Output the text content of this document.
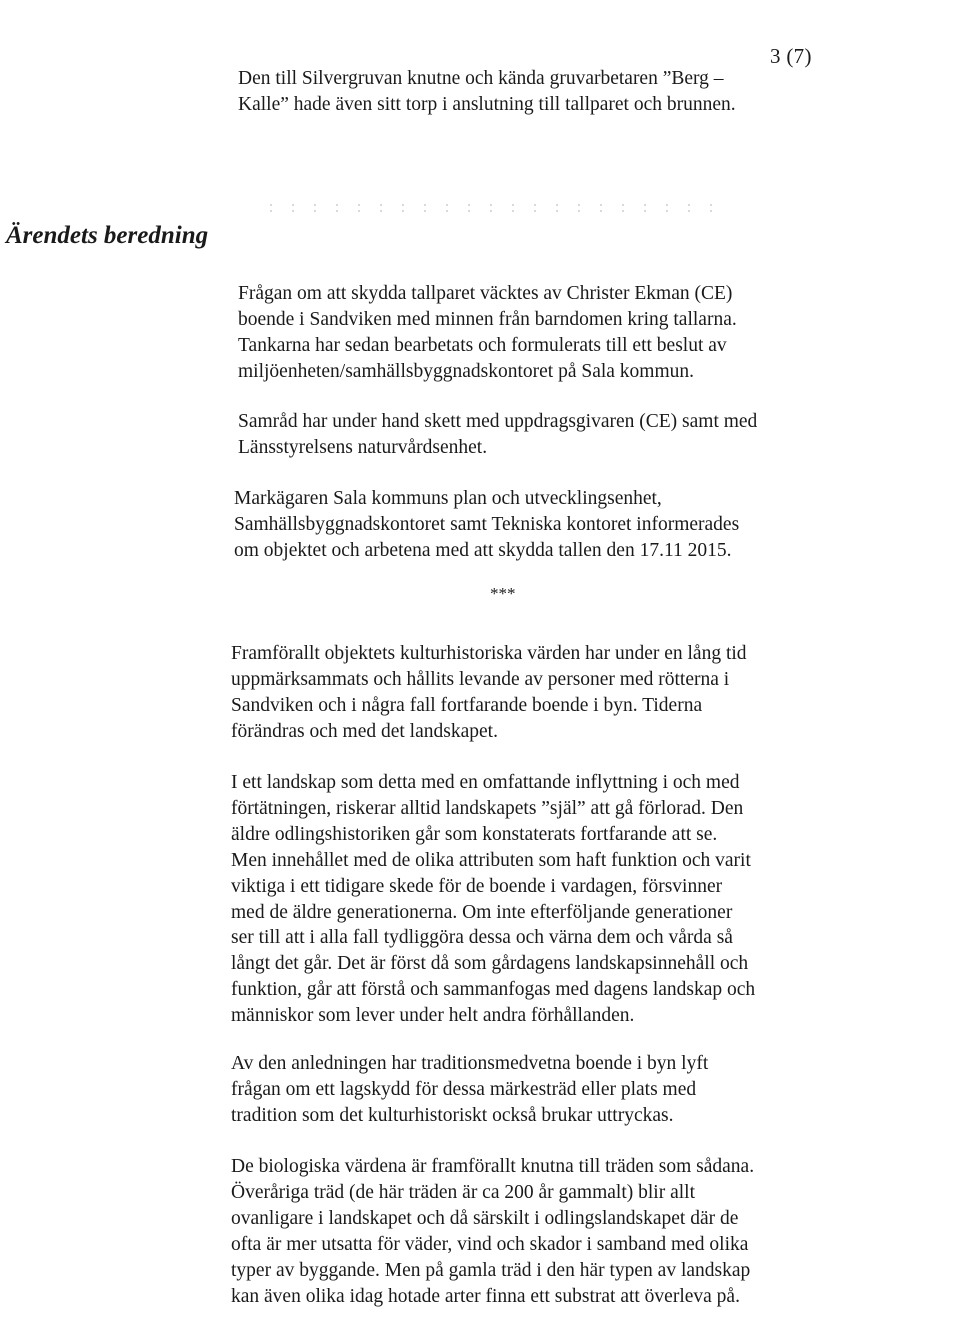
3 (7)

Den till Silvergruvan knutne och kända gruvarbetaren ”Berg –
Kalle” hade även sitt torp i anslutning till tallparet och brunnen.

Ärendets beredning

Frågan om att skydda tallparet väcktes av Christer Ekman (CE)
boende i Sandviken med minnen från barndomen kring tallarna.
Tankarna har sedan bearbetats och formulerats till ett beslut av
miljöenheten/samhällsbyggnadskontoret på Sala kommun.

Samråd har under hand skett med uppdragsgivaren (CE) samt med
Länsstyrelsens naturvårdsenhet.

Markägaren Sala kommuns plan och utvecklingsenhet,
Samhällsbyggnadskontoret samt Tekniska kontoret informerades
om objektet och arbetena med att skydda tallen den 17.11 2015.

***

Framförallt objektets kulturhistoriska värden har under en lång tid
uppmärksammats och hållits levande av personer med rötterna i
Sandviken och i några fall fortfarande boende i byn. Tiderna
förändras och med det landskapet.

I ett landskap som detta med en omfattande inflyttning i och med
förtätningen, riskerar alltid landskapets ”själ” att gå förlorad. Den
äldre odlingshistoriken går som konstaterats fortfarande att se.
Men innehållet med de olika attributen som haft funktion och varit
viktiga i ett tidigare skede för de boende i vardagen, försvinner
med de äldre generationerna. Om inte efterföljande generationer
ser till att i alla fall tydliggöra dessa och värna dem och vårda så
långt det går. Det är först då som gårdagens landskapsinnehåll och
funktion, går att förstå och sammanfogas med dagens landskap och
människor som lever under helt andra förhållanden.

Av den anledningen har traditionsmedvetna boende i byn lyft
frågan om ett lagskydd för dessa märkesträd eller plats med
tradition som det kulturhistoriskt också brukar uttryckas.

De biologiska värdena är framförallt knutna till träden som sådana.
Överåriga träd (de här träden är ca 200 år gammalt) blir allt
ovanligare i landskapet och då särskilt i odlingslandskapet där de
ofta är mer utsatta för väder, vind och skador i samband med olika
typer av byggande. Men på gamla träd i den här typen av landskap
kan även olika idag hotade arter finna ett substrat att överleva på.
